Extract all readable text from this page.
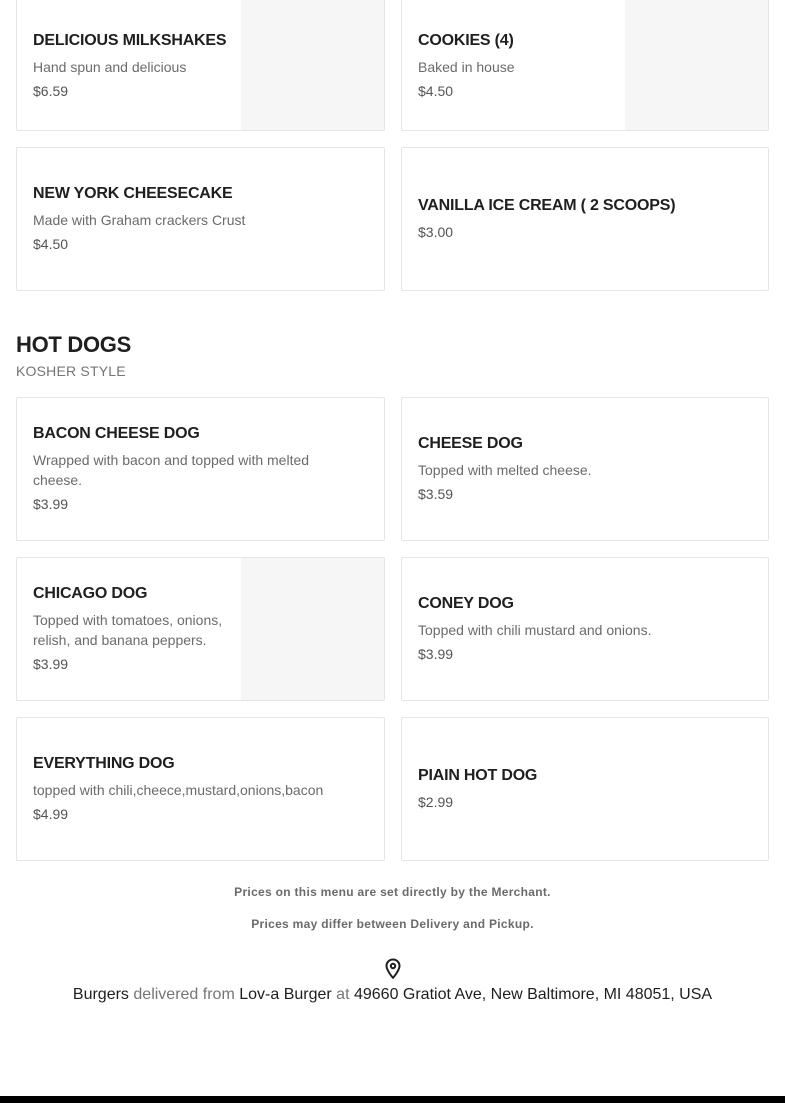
DELICIOUS MILKSHAKES
Hand spun and delicious
$6.59
COOKIES (4)
Baked in house
$4.50
NEW YORK CHEESECAKE
Made with Graham crackers Crust
$4.50
VANILLA ICE CREAM ( 2 SCOOPS)
$3.00
HOT DOGS
KOSHER STYLE
BACON CHEESE DOG
Wrapped with bacon and topped with melted cheese.
$3.99
CHEESE DOG
Topped with melted cheese.
$3.59
CHICAGO DOG
Topped with tomatoes, onions, relish, and banana peppers.
$3.99
CONEY DOG
Topped with chili mustard and onions.
$3.99
EVERYTHING DOG
topped with chili,cheece,mustard,onions,bacon
$4.99
PIAIN HOT DOG
$2.99
Prices on this menu are set directly by the Merchant.
Prices may differ between Delivery and Pickup.
Burgers delivered from Lov-a Burger at 49660 Gratiot Ave, New Baltimore, MI 48051, USA
